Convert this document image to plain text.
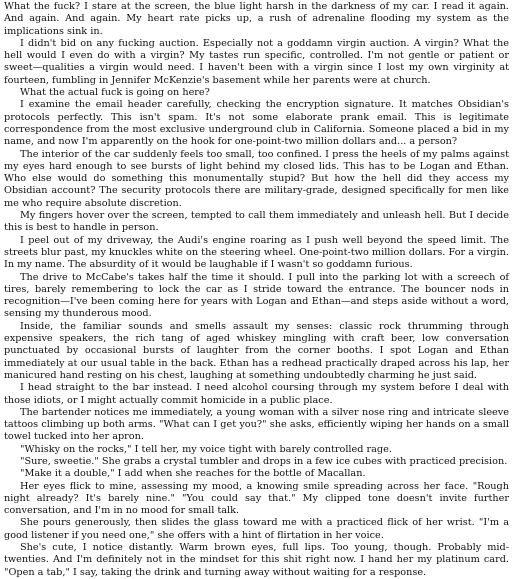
What the fuck? I stare at the screen, the blue light harsh in the darkness of my car. I read it again. And again. And again. My heart rate picks up, a rush of adrenaline flooding my system as the implications sink in.

I didn't bid on any fucking auction. Especially not a goddamn virgin auction. A virgin? What the hell would I even do with a virgin? My tastes run specific, controlled. I'm not gentle or patient or sweet—qualities a virgin would need. I haven't been with a virgin since I lost my own virginity at fourteen, fumbling in Jennifer McKenzie's basement while her parents were at church.

What the actual fuck is going on here?

I examine the email header carefully, checking the encryption signature. It matches Obsidian's protocols perfectly. This isn't spam. It's not some elaborate prank email. This is legitimate correspondence from the most exclusive underground club in California. Someone placed a bid in my name, and now I'm apparently on the hook for one-point-two million dollars and... a person?

The interior of the car suddenly feels too small, too confined. I press the heels of my palms against my eyes hard enough to see bursts of light behind my closed lids. This has to be Logan and Ethan. Who else would do something this monumentally stupid? But how the hell did they access my Obsidian account? The security protocols there are military-grade, designed specifically for men like me who require absolute discretion.

My fingers hover over the screen, tempted to call them immediately and unleash hell. But I decide this is best to handle in person.

I peel out of my driveway, the Audi's engine roaring as I push well beyond the speed limit. The streets blur past, my knuckles white on the steering wheel. One-point-two million dollars. For a virgin. In my name. The absurdity of it would be laughable if I wasn't so goddamn furious.

The drive to McCabe's takes half the time it should. I pull into the parking lot with a screech of tires, barely remembering to lock the car as I stride toward the entrance. The bouncer nods in recognition—I've been coming here for years with Logan and Ethan—and steps aside without a word, sensing my thunderous mood.

Inside, the familiar sounds and smells assault my senses: classic rock thrumming through expensive speakers, the rich tang of aged whiskey mingling with craft beer, low conversation punctuated by occasional bursts of laughter from the corner booths. I spot Logan and Ethan immediately at our usual table in the back. Ethan has a redhead practically draped across his lap, her manicured hand resting on his chest, laughing at something undoubtedly charming he just said.

I head straight to the bar instead. I need alcohol coursing through my system before I deal with those idiots, or I might actually commit homicide in a public place.

The bartender notices me immediately, a young woman with a silver nose ring and intricate sleeve tattoos climbing up both arms. "What can I get you?" she asks, efficiently wiping her hands on a small towel tucked into her apron.

"Whisky on the rocks," I tell her, my voice tight with barely controlled rage.

"Sure, sweetie." She grabs a crystal tumbler and drops in a few ice cubes with practiced precision.

"Make it a double," I add when she reaches for the bottle of Macallan.

Her eyes flick to mine, assessing my mood, a knowing smile spreading across her face. "Rough night already? It's barely nine." "You could say that." My clipped tone doesn't invite further conversation, and I'm in no mood for small talk.

She pours generously, then slides the glass toward me with a practiced flick of her wrist. "I'm a good listener if you need one," she offers with a hint of flirtation in her voice.

She's cute, I notice distantly. Warm brown eyes, full lips. Too young, though. Probably mid-twenties. And I'm definitely not in the mindset for this shit right now. I hand her my platinum card. "Open a tab," I say, taking the drink and turning away without waiting for a response.
